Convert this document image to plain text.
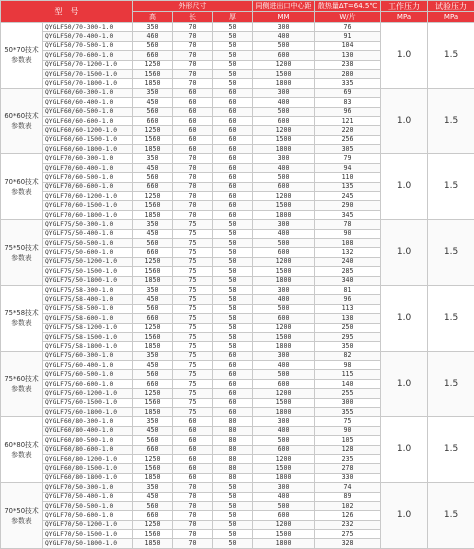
型　号		外形尺寸			同侧进出口中心距	散热量ΔT=64.5℃	工作压力	试验压力
		高	长	厚	MM	W/片	MPa	MPa
50*70技术参数表	QYGLF50/70-300-1.0	350	70	50	300	76	1.0	1.5
	QYGLF50/70-400-1.0	460	70	50	400	91		
	QYGLF50/70-500-1.0	560	70	50	500	104		
	QYGLF50/70-600-1.0	660	70	50	600	130		
	QYGLF50/70-1200-1.0	1250	70	50	1200	238		
	QYGLF50/70-1500-1.0	1560	70	50	1500	280		
	QYGLF50/70-1800-1.0	1850	70	50	1800	335		
60*60技术参数表	QYGLF60/60-300-1.0	350	60	60	300	69	1.0	1.5
	QYGLF60/60-400-1.0	450	60	60	400	83		
	QYGLF60/60-500-1.0	560	60	60	500	96		
	QYGLF60/60-600-1.0	660	60	60	600	121		
	QYGLF60/60-1200-1.0	1250	60	60	1200	220		
	QYGLF60/60-1500-1.0	1560	60	60	1500	256		
	QYGLF60/60-1800-1.0	1850	60	60	1800	305		
70*60技术参数表	QYGLF70/60-300-1.0	350	70	60	300	79	1.0	1.5
	QYGLF70/60-400-1.0	450	70	60	400	94		
	QYGLF70/60-500-1.0	560	70	60	500	110		
	QYGLF70/60-600-1.0	660	70	60	600	135		
	QYGLF70/60-1200-1.0	1250	70	60	1200	245		
	QYGLF70/60-1500-1.0	1560	70	60	1500	290		
	QYGLF70/60-1800-1.0	1850	70	60	1800	345		
75*50技术参数表	QYGLF75/50-300-1.0	350	75	50	300	78	1.0	1.5
	QYGLF75/50-400-1.0	450	75	50	400	90		
	QYGLF75/50-500-1.0	560	75	50	500	108		
	QYGLF75/50-600-1.0	660	75	50	600	132		
	QYGLF75/50-1200-1.0	1250	75	50	1200	240		
	QYGLF75/50-1500-1.0	1560	75	50	1500	285		
	QYGLF75/50-1800-1.0	1850	75	50	1800	340		
75*58技术参数表	QYGLF75/58-300-1.0	350	75	58	300	81	1.0	1.5
	QYGLF75/58-400-1.0	450	75	58	400	96		
	QYGLF75/58-500-1.0	560	75	58	500	113		
	QYGLF75/58-600-1.0	660	75	58	600	138		
	QYGLF75/58-1200-1.0	1250	75	58	1200	250		
	QYGLF75/58-1500-1.0	1560	75	58	1500	295		
	QYGLF75/58-1800-1.0	1850	75	58	1800	350		
75*60技术参数表	QYGLF75/60-300-1.0	350	75	60	300	82	1.0	1.5
	QYGLF75/60-400-1.0	450	75	60	400	98		
	QYGLF75/60-500-1.0	560	75	60	500	115		
	QYGLF75/60-600-1.0	660	75	60	600	140		
	QYGLF75/60-1200-1.0	1250	75	60	1200	255		
	QYGLF75/60-1500-1.0	1560	75	60	1500	300		
	QYGLF75/60-1800-1.0	1850	75	60	1800	355		
60*80技术参数表	QYGLF60/80-300-1.0	350	60	80	300	75	1.0	1.5
	QYGLF60/80-400-1.0	450	60	80	400	90		
	QYGLF60/80-500-1.0	560	60	80	500	105		
	QYGLF60/80-600-1.0	660	60	80	600	128		
	QYGLF60/80-1200-1.0	1250	60	80	1200	235		
	QYGLF60/80-1500-1.0	1560	60	80	1500	278		
	QYGLF60/80-1800-1.0	1850	60	80	1800	330		
70*50技术参数表	QYGLF70/50-300-1.0	350	70	50	300	74	1.0	1.5
	QYGLF70/50-400-1.0	450	70	50	400	89		
	QYGLF70/50-500-1.0	560	70	50	500	102		
	QYGLF70/50-600-1.0	660	70	50	600	126		
	QYGLF70/50-1200-1.0	1250	70	50	1200	232		
	QYGLF70/50-1500-1.0	1560	70	50	1500	275		
	QYGLF70/50-1800-1.0	1850	70	50	1800	328		
